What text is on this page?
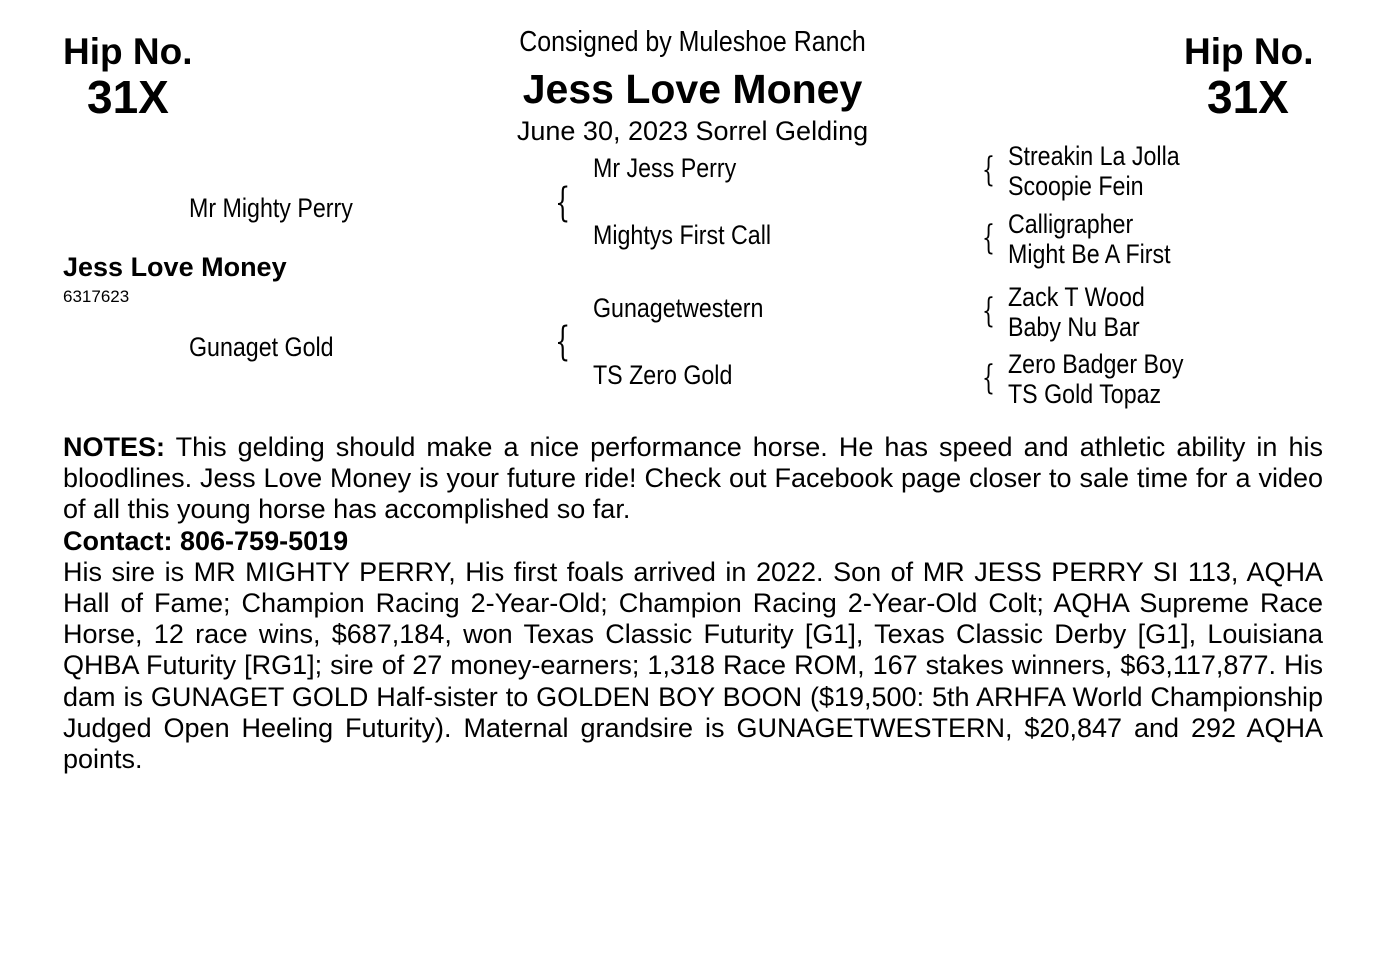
Hip No.
31X
Hip No.
31X
Consigned by Muleshoe Ranch
Jess Love Money
June 30, 2023 Sorrel Gelding
Mr Mighty Perry
Jess Love Money
6317623
Gunaget Gold
{
{
Mr Jess Perry
Mightys First Call
Gunagetwestern
TS Zero Gold
{
{
{
{
Streakin La Jolla
Scoopie Fein
Calligrapher
Might Be A First
Zack T Wood
Baby Nu Bar
Zero Badger Boy
TS Gold Topaz

NOTES: This gelding should make a nice performance horse. He has speed and athletic ability in his bloodlines. Jess Love Money is your future ride! Check out Facebook page closer to sale time for a video of all this young horse has accomplished so far.

Contact: 806-759-5019

His sire is MR MIGHTY PERRY, His first foals arrived in 2022. Son of MR JESS PERRY SI 113, AQHA Hall of Fame; Champion Racing 2-Year-Old; Champion Racing 2-Year-Old Colt; AQHA Supreme Race Horse, 12 race wins, $687,184, won Texas Classic Futurity [G1], Texas Classic Derby [G1], Louisiana QHBA Futurity [RG1]; sire of 27 money-earners; 1,318 Race ROM, 167 stakes winners, $63,117,877. His dam is GUNAGET GOLD Half-sister to GOLDEN BOY BOON ($19,500: 5th ARHFA World Championship Judged Open Heeling Futurity). Maternal grandsire is GUNAGETWESTERN, $20,847 and 292 AQHA points.
